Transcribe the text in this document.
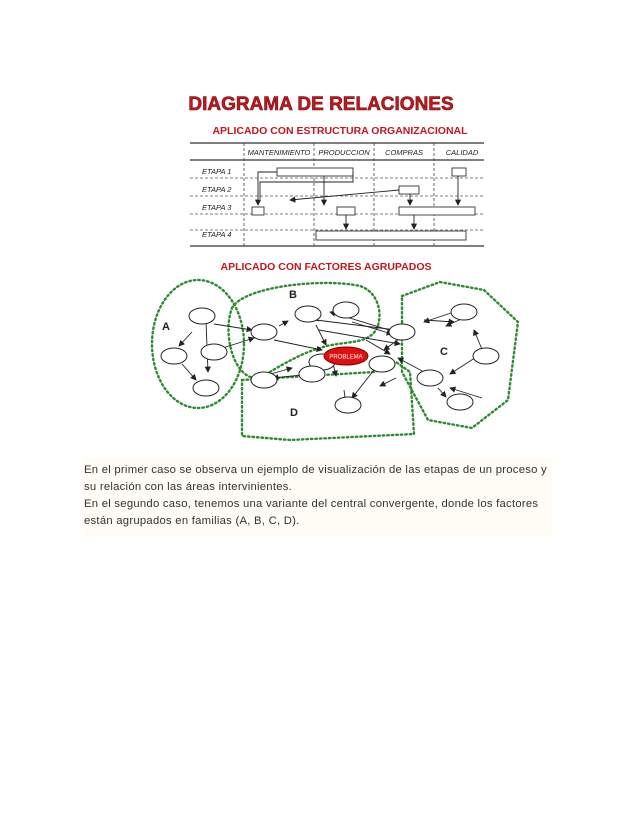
DIAGRAMA DE RELACIONES
APLICADO CON ESTRUCTURA ORGANIZACIONAL
MANTENIMIENTO PRODUCCION COMPRAS	CALIDAD
ETAPA 1
ETAPA 2
ETAPA 3
ETAPA 4
APLICADO CON FACTORES AGRUPADOS
A
B
C
D
PROBLEMA
En el primer caso se observa un ejemplo de visualización de las etapas de un proceso y
su relación con las áreas intervinientes.
En el segundo caso, tenemos una variante del central convergente, donde los factores
están agrupados en familias (A, B, C, D).
